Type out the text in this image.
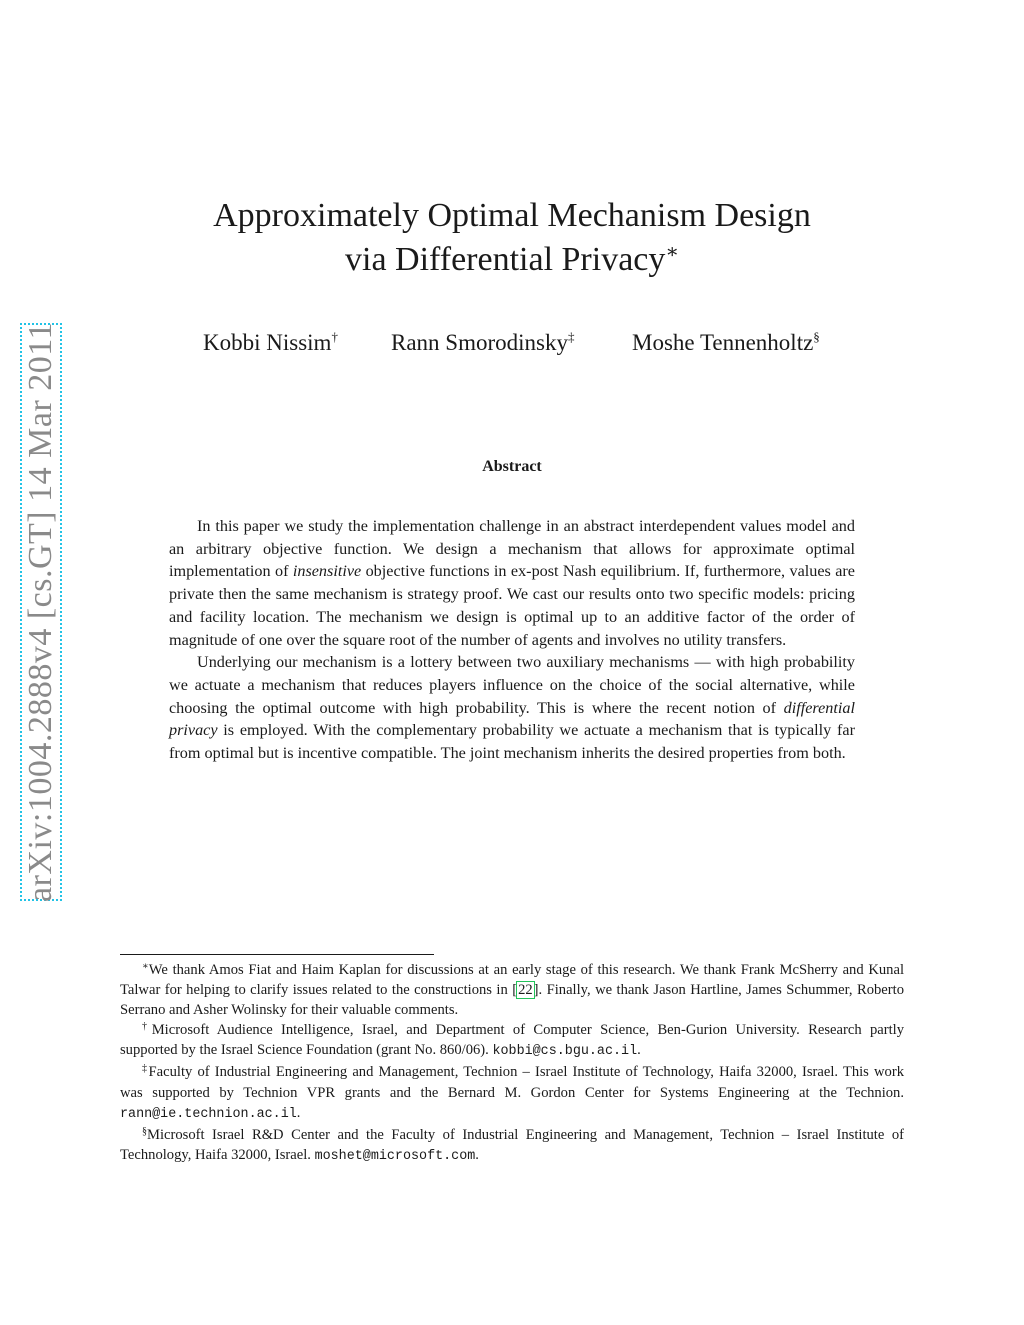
arXiv:1004.2888v4 [cs.GT] 14 Mar 2011
Approximately Optimal Mechanism Design
via Differential Privacy∗
Kobbi Nissim† Rann Smorodinsky‡	Moshe Tennenholtz§
Abstract

In this paper we study the implementation challenge in an abstract interdependent values model and an arbitrary objective function. We design a mechanism that allows for approximate optimal implementation of insensitive objective functions in ex-post Nash equilibrium. If, furthermore, values are private then the same mechanism is strategy proof. We cast our results onto two specific models: pricing and facility location. The mechanism we design is optimal up to an additive factor of the order of magnitude of one over the square root of the number of agents and involves no utility transfers.

Underlying our mechanism is a lottery between two auxiliary mechanisms — with high probability we actuate a mechanism that reduces players influence on the choice of the social alternative, while choosing the optimal outcome with high probability. This is where the recent notion of differential privacy is employed. With the complementary probability we actuate a mechanism that is typically far from optimal but is incentive compatible. The joint mechanism inherits the desired properties from both.

∗We thank Amos Fiat and Haim Kaplan for discussions at an early stage of this research. We thank Frank McSherry and Kunal Talwar for helping to clarify issues related to the constructions in [22]. Finally, we thank Jason Hartline, James Schummer, Roberto Serrano and Asher Wolinsky for their valuable comments.

†Microsoft Audience Intelligence, Israel, and Department of Computer Science, Ben-Gurion University. Research partly supported by the Israel Science Foundation (grant No. 860/06). kobbi@cs.bgu.ac.il.

‡Faculty of Industrial Engineering and Management, Technion – Israel Institute of Technology, Haifa 32000, Israel. This work was supported by Technion VPR grants and the Bernard M. Gordon Center for Systems Engineering at the Technion. rann@ie.technion.ac.il.

§Microsoft Israel R&D Center and the Faculty of Industrial Engineering and Management, Technion – Israel Institute of Technology, Haifa 32000, Israel. moshet@microsoft.com.
